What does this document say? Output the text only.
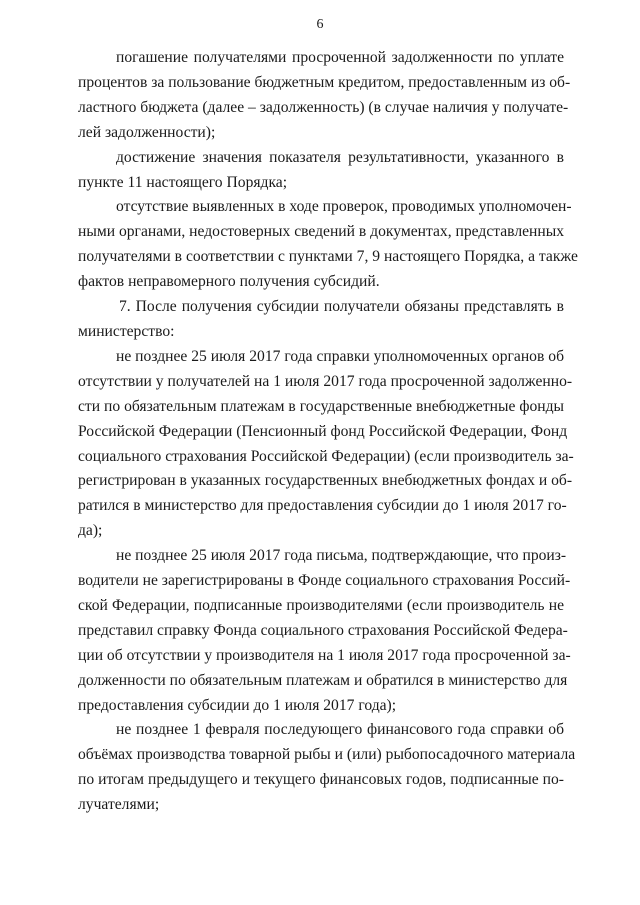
6
погашение получателями просроченной задолженности по уплате
процентов за пользование бюджетным кредитом, предоставленным из об-
ластного бюджета (далее – задолженность) (в случае наличия у получате-
лей задолженности);
достижение значения показателя результативности, указанного в
пункте 11 настоящего Порядка;
отсутствие выявленных в ходе проверок, проводимых уполномочен-
ными органами, недостоверных сведений в документах, представленных
получателями в соответствии с пунктами 7, 9 настоящего Порядка, а также
фактов неправомерного получения субсидий.
7. После получения субсидии получатели обязаны представлять в
министерство:
не позднее 25 июля 2017 года справки уполномоченных органов об
отсутствии у получателей на 1 июля 2017 года просроченной задолженно-
сти по обязательным платежам в государственные внебюджетные фонды
Российской Федерации (Пенсионный фонд Российской Федерации, Фонд
социального страхования Российской Федерации) (если производитель за-
регистрирован в указанных государственных внебюджетных фондах и об-
ратился в министерство для предоставления субсидии до 1 июля 2017 го-
да);
не позднее 25 июля 2017 года письма, подтверждающие, что произ-
водители не зарегистрированы в Фонде социального страхования Россий-
ской Федерации, подписанные производителями (если производитель не
представил справку Фонда социального страхования Российской Федера-
ции об отсутствии у производителя на 1 июля 2017 года просроченной за-
долженности по обязательным платежам и обратился в министерство для
предоставления субсидии до 1 июля 2017 года);
не позднее 1 февраля последующего финансового года справки об
объёмах производства товарной рыбы и (или) рыбопосадочного материала
по итогам предыдущего и текущего финансовых годов, подписанные по-
лучателями;
